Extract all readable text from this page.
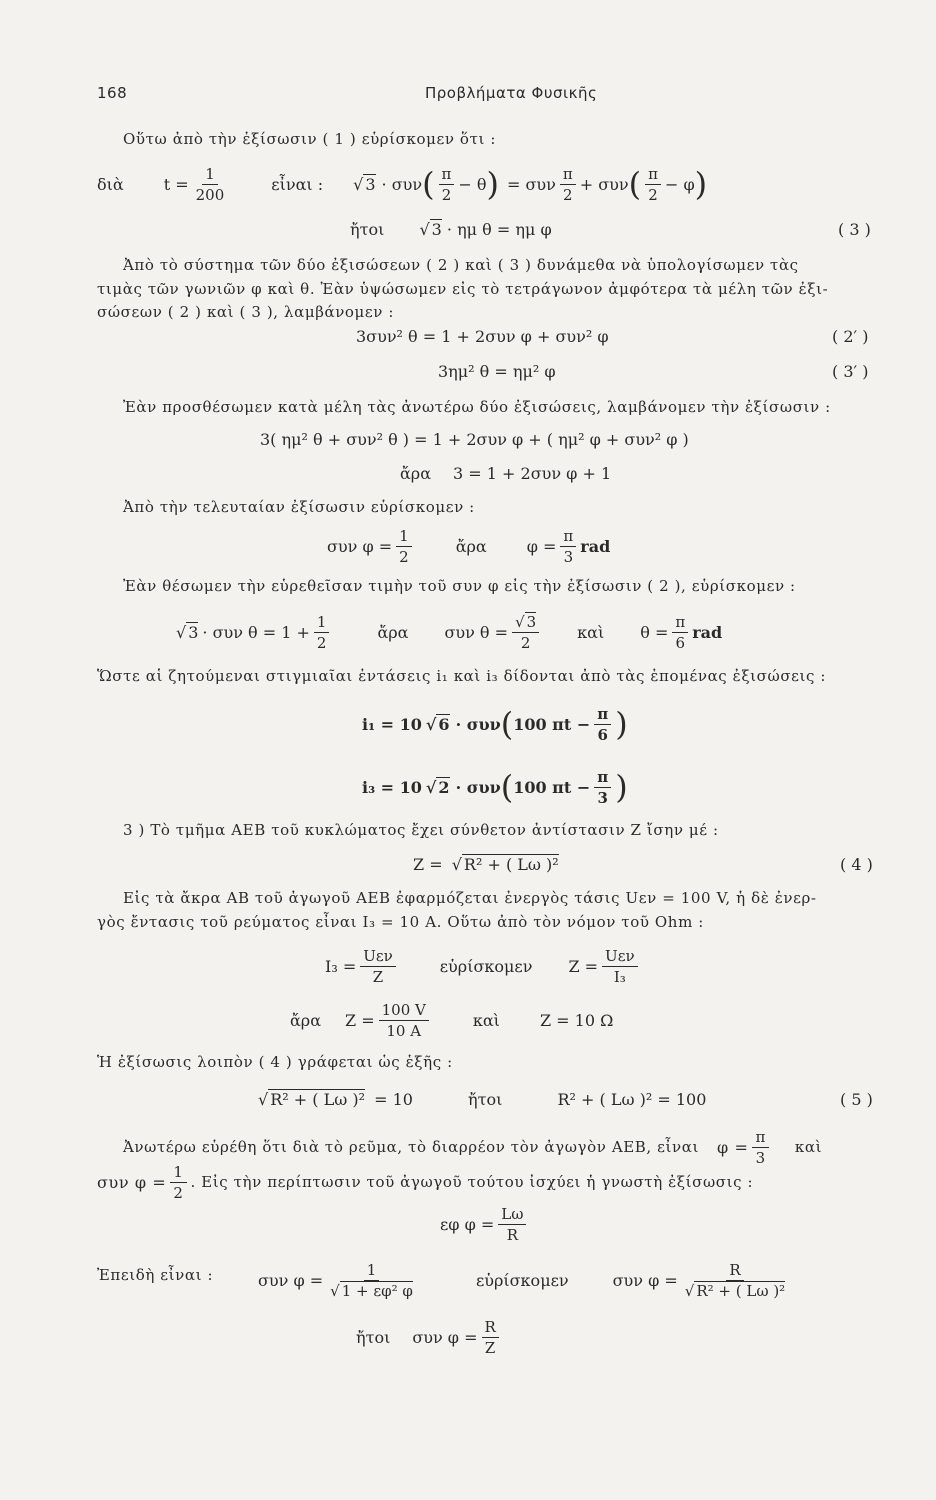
168	Προβλήματα Φυσικῆς
Οὕτω ἀπὸ τὴν ἐξίσωσιν ( 1 ) εὑρίσκομεν ὅτι :
διὰ	$t = \frac{1}{200}$	εἶναι : √ 3 · συν ( $\frac{\pi}{2} - \theta$ ) = συν $\frac{\pi}{2} + \sigma\upsilon\nu$ ( $\frac{\pi}{2} - \varphi$ )
ἤτοι √ 3 · ημ θ = ημ φ	( 3 )
Ἀπὸ τὸ σύστημα τῶν δύο ἐξισώσεων ( 2 ) καὶ ( 3 ) δυνάμεθα νὰ ὑπολογίσωμεν τὰς
τιμὰς τῶν γωνιῶν φ καὶ θ. Ἐὰν ὑψώσωμεν εἰς τὸ τετράγωνον ἀμφότερα τὰ μέλη τῶν ἐξι-
σώσεων ( 2 ) καὶ ( 3 ), λαμβάνομεν :
3συν² θ = 1 + 2συν φ + συν² φ	( 2′ )
3ημ² θ = ημ² φ	( 3′ )
Ἐὰν προσθέσωμεν κατὰ μέλη τὰς ἀνωτέρω δύο ἐξισώσεις, λαμβάνομεν τὴν ἐξίσωσιν :
3( ημ² θ + συν² θ ) = 1 + 2συν φ + ( ημ² φ + συν² φ )
ἄρα 3 = 1 + 2συν φ + 1
Ἀπὸ τὴν τελευταίαν ἐξίσωσιν εὑρίσκομεν :
συν $\varphi = \frac{1}{2}$	ἄρα	$\varphi = \frac{\pi}{3}$ rad
Ἐὰν θέσωμεν τὴν εὑρεθεῖσαν τιμὴν τοῦ συν φ εἰς τὴν ἐξίσωσιν ( 2 ), εὑρίσκομεν :
√ 3 · συν $\theta = 1 + \frac{1}{2}$	ἄρα συν $\theta = \frac{√ 3}{2}$ καὶ $\theta = \frac{\pi}{6}$ rad
Ὥστε αἱ ζητούμεναι στιγμιαῖαι ἐντάσεις i₁ καὶ i₃ δίδονται ἀπὸ τὰς ἑπομένας ἐξισώσεις :
i₁ = 10 √ 6 · συν ( 100 $\pi t - \frac{\pi}{6}$ )
i₃ = 10 √ 2 · συν ( 100 $\pi t - \frac{\pi}{3}$ )
3 ) Τὸ τμῆμα ΑΕΒ τοῦ κυκλώματος ἔχει σύνθετον ἀντίστασιν Ζ ἴσην μέ :
Z = √ R² + ( Lω )²	( 4 )
Εἰς τὰ ἄκρα ΑΒ τοῦ ἀγωγοῦ ΑΕΒ ἐφαρμόζεται ἐνεργὸς τάσις Uεν = 100 V, ἡ δὲ ἐνερ-
γὸς ἔντασις τοῦ ρεύματος εἶναι I₃ = 10 A. Οὕτω ἀπὸ τὸν νόμον τοῦ Ohm :
$I_3 = \frac{\text{Uεν}}{Z}$	εὑρίσκομεν $Z = \frac{\text{Uεν}}{\text{I₃}}$
ἄρα $Z = \frac{100 V}{10 A}$	καὶ	Z = 10 Ω
Ἡ ἐξίσωσις λοιπὸν ( 4 ) γράφεται ὡς ἑξῆς :
√ R² + ( Lω )² = 10	ἤτοι	R² + ( Lω )² = 100	( 5 )
Ἀνωτέρω εὑρέθη ὅτι διὰ τὸ ρεῦμα, τὸ διαρρέον τὸν ἀγωγὸν ΑΕΒ, εἶναι $\varphi = \frac{\pi}{3}$ καὶ
συν $\varphi = \frac{1}{2}$ . Εἰς τὴν περίπτωσιν τοῦ ἀγωγοῦ τούτου ἰσχύει ἡ γνωστὴ ἐξίσωσις :
εφ $\varphi = \frac{L\omega}{R}$
Ἐπειδὴ εἶναι :	συν $\varphi = \frac{1}{\text{√ 1 + εφ² φ}}$	εὑρίσκομεν	συν $\varphi = \frac{R}{\text{√ R² + ( Lω )²}}$
ἤτοι συν $\varphi = \frac{R}{Z}$
